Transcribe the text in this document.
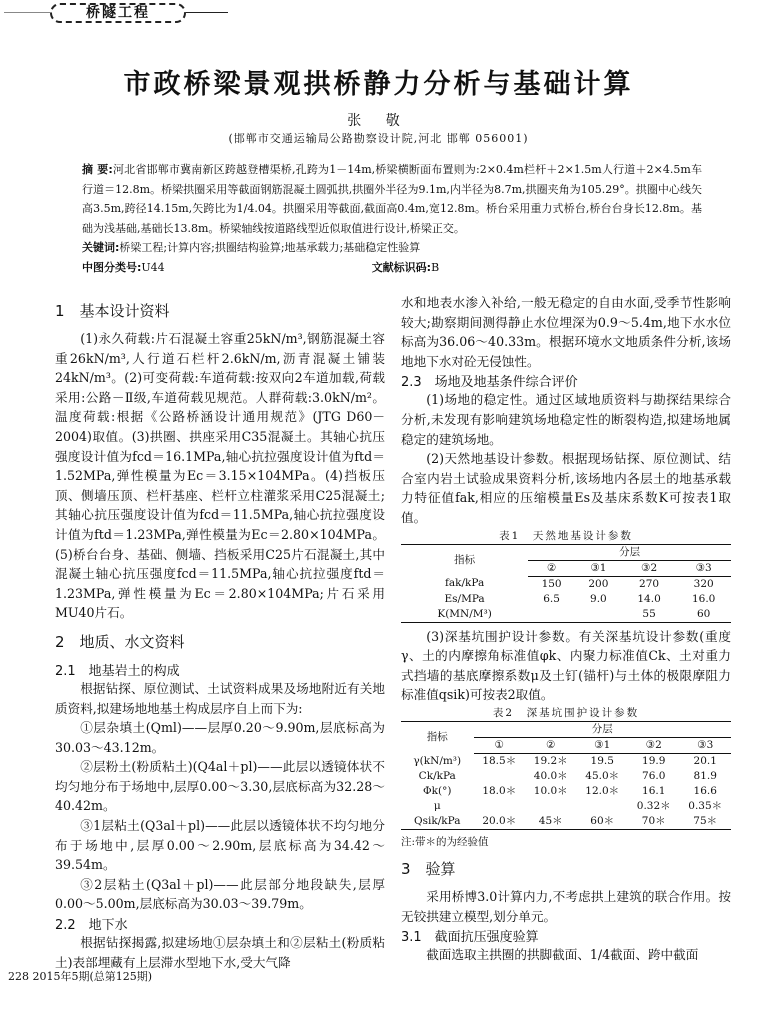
桥隧工程
市政桥梁景观拱桥静力分析与基础计算
张 敬
(邯郸市交通运输局公路勘察设计院,河北 邯郸 056001)
摘 要:河北省邯郸市冀南新区跨越登槽渠桥,孔跨为1－14m,桥梁横断面布置则为:2×0.4m栏杆＋2×1.5m人行道＋2×4.5m车行道＝12.8m。桥梁拱圈采用等截面钢筋混凝土圆弧拱,拱圈外半径为9.1m,内半径为8.7m,拱圈夹角为105.29°。拱圈中心线矢高3.5m,跨径14.15m,矢跨比为1/4.04。拱圈采用等截面,截面高0.4m,宽12.8m。桥台采用重力式桥台,桥台台身长12.8m。基础为浅基础,基础长13.8m。桥梁轴线按道路线型近似取值进行设计,桥梁正交。
关键词:桥梁工程;计算内容;拱圈结构验算;地基承载力;基础稳定性验算
中图分类号:U44	文献标识码:B
1　基本设计资料

(1)永久荷载:片石混凝土容重25kN/m³,钢筋混凝土容重26kN/m³,人行道石栏杆2.6kN/m,沥青混凝土铺装24kN/m³。(2)可变荷载:车道荷载:按双向2车道加载,荷载采用:公路－Ⅱ级,车道荷载见规范。人群荷载:3.0kN/m²。温度荷载:根据《公路桥涵设计通用规范》(JTG D60－2004)取值。(3)拱圈、拱座采用C35混凝土。其轴心抗压强度设计值为fcd＝16.1MPa,轴心抗拉强度设计值为ftd＝1.52MPa,弹性模量为Ec＝3.15×104MPa。(4)挡板压顶、侧墙压顶、栏杆基座、栏杆立柱灌浆采用C25混凝土;其轴心抗压强度设计值为fcd＝11.5MPa,轴心抗拉强度设计值为ftd＝1.23MPa,弹性模量为Ec＝2.80×104MPa。(5)桥台台身、基础、侧墙、挡板采用C25片石混凝土,其中混凝土轴心抗压强度fcd＝11.5MPa,轴心抗拉强度ftd＝1.23MPa,弹性模量为Ec＝2.80×104MPa;片石采用MU40片石。

2　地质、水文资料
2.1　地基岩土的构成

根据钻探、原位测试、土试资料成果及场地附近有关地质资料,拟建场地地基土构成层序自上而下为:

①层杂填土(Qml)——层厚0.20～9.90m,层底标高为30.03～43.12m。

②层粉土(粉质粘土)(Q4al＋pl)——此层以透镜体状不均匀地分布于场地中,层厚0.00～3.30,层底标高为32.28～40.42m。

③1层粘土(Q3al＋pl)——此层以透镜体状不均匀地分布于场地中,层厚0.00～2.90m,层底标高为34.42～39.54m。

③2层粘土(Q3al＋pl)——此层部分地段缺失,层厚0.00～5.00m,层底标高为30.03～39.79m。

2.2　地下水

根据钻探揭露,拟建场地①层杂填土和②层粘土(粉质粘土)表部埋藏有上层滞水型地下水,受大气降

水和地表水渗入补给,一般无稳定的自由水面,受季节性影响较大;勘察期间测得静止水位埋深为0.9～5.4m,地下水水位标高为36.06～40.33m。根据环境水文地质条件分析,该场地地下水对砼无侵蚀性。

2.3　场地及地基条件综合评价

(1)场地的稳定性。通过区域地质资料与勘探结果综合分析,未发现有影响建筑场地稳定性的断裂构造,拟建场地属稳定的建筑场地。

(2)天然地基设计参数。根据现场钻探、原位测试、结合室内岩土试验成果资料分析,该场地内各层土的地基承载力特征值fak,相应的压缩模量Es及基床系数K可按表1取值。

表1　天然地基设计参数
指标	分层			
	②	③1	③2	③3
fak/kPa	150	200	270	320
Es/MPa	6.5	9.0	14.0	16.0
K(MN/M³)			55	60

(3)深基坑围护设计参数。有关深基坑设计参数(重度γ、土的内摩擦角标准值φk、内聚力标准值Ck、土对重力式挡墙的基底摩擦系数μ及土钉(锚杆)与土体的极限摩阻力标准值qsik)可按表2取值。

表2　深基坑围护设计参数
指标	分层				
	①	②	③1	③2	③3
γ(kN/m³)	18.5＊	19.2＊	19.5	19.9	20.1
Ck/kPa		40.0＊	45.0＊	76.0	81.9
Φk(°)	18.0＊	10.0＊	12.0＊	16.1	16.6
μ				0.32＊	0.35＊
Qsik/kPa	20.0＊	45＊	60＊	70＊	75＊
注:带＊的为经验值
3　验算

采用桥博3.0计算内力,不考虑拱上建筑的联合作用。按无铰拱建立模型,划分单元。

3.1　截面抗压强度验算

截面选取主拱圈的拱脚截面、1/4截面、跨中截面

228 2015年5期(总第125期)
